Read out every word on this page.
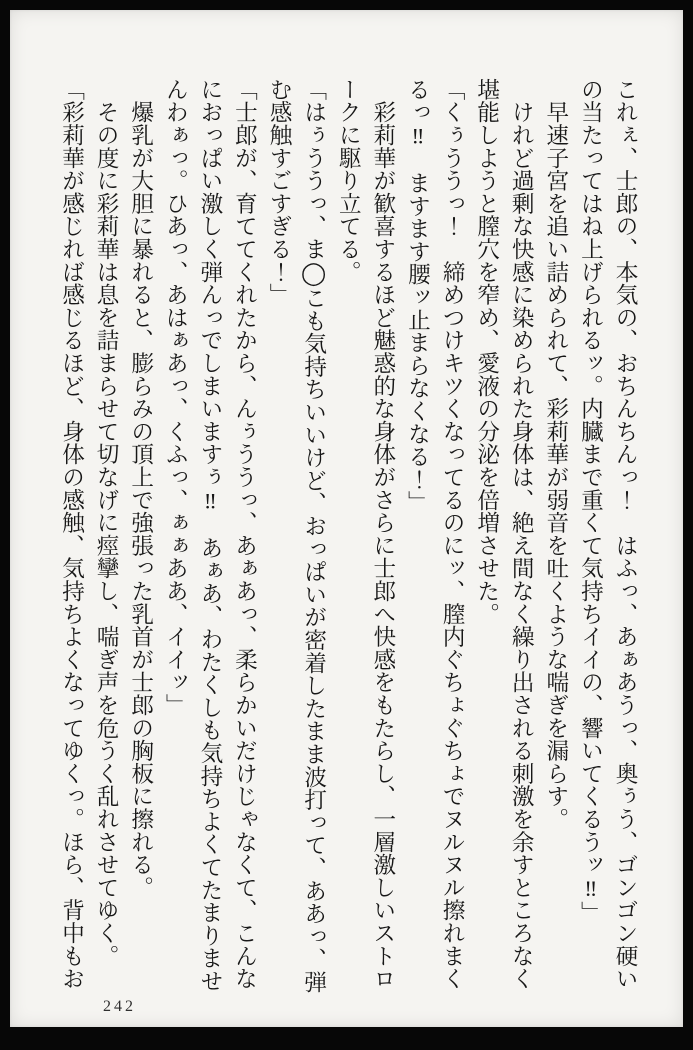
これぇ、士郎の、本気の、おちんちんっ！　はふっ、あぁあうっ、奥ぅう、ゴンゴン硬い

の当たってはね上げられるッ。内臓まで重くて気持ちイイの、響いてくるうッ‼」

　早速子宮を追い詰められて、彩莉華が弱音を吐くような喘ぎを漏らす。

　けれど過剰な快感に染められた身体は、絶え間なく繰り出される刺激を余すところなく

堪能しようと膣穴を窄め、愛液の分泌を倍増させた。

「くぅううっ！　締めつけキツくなってるのにッ、膣内ぐちょぐちょでヌルヌル擦れまく

るっ‼　ますます腰ッ止まらなくなる！」

　彩莉華が歓喜するほど魅惑的な身体がさらに士郎へ快感をもたらし、一層激しいストロ

ークに駆り立てる。

「はぅううっ、ま◯こも気持ちいいけど、おっぱいが密着したまま波打って、ああっ、弾

む感触すごすぎる！」

「士郎が、育ててくれたから、んぅううっ、あぁあっ、柔らかいだけじゃなくて、こんな

におっぱい激しく弾んっでしまいますぅ‼　あぁあ、わたくしも気持ちよくてたまりませ

んわぁっ。ひあっ、あはぁあっ、くふっ、ぁぁああ、イイッ」

　爆乳が大胆に暴れると、膨らみの頂上で強張った乳首が士郎の胸板に擦れる。

　その度に彩莉華は息を詰まらせて切なげに痙攣し、喘ぎ声を危うく乱れさせてゆく。

「彩莉華が感じれば感じるほど、身体の感触、気持ちよくなってゆくっ。ほら、背中もお

242
